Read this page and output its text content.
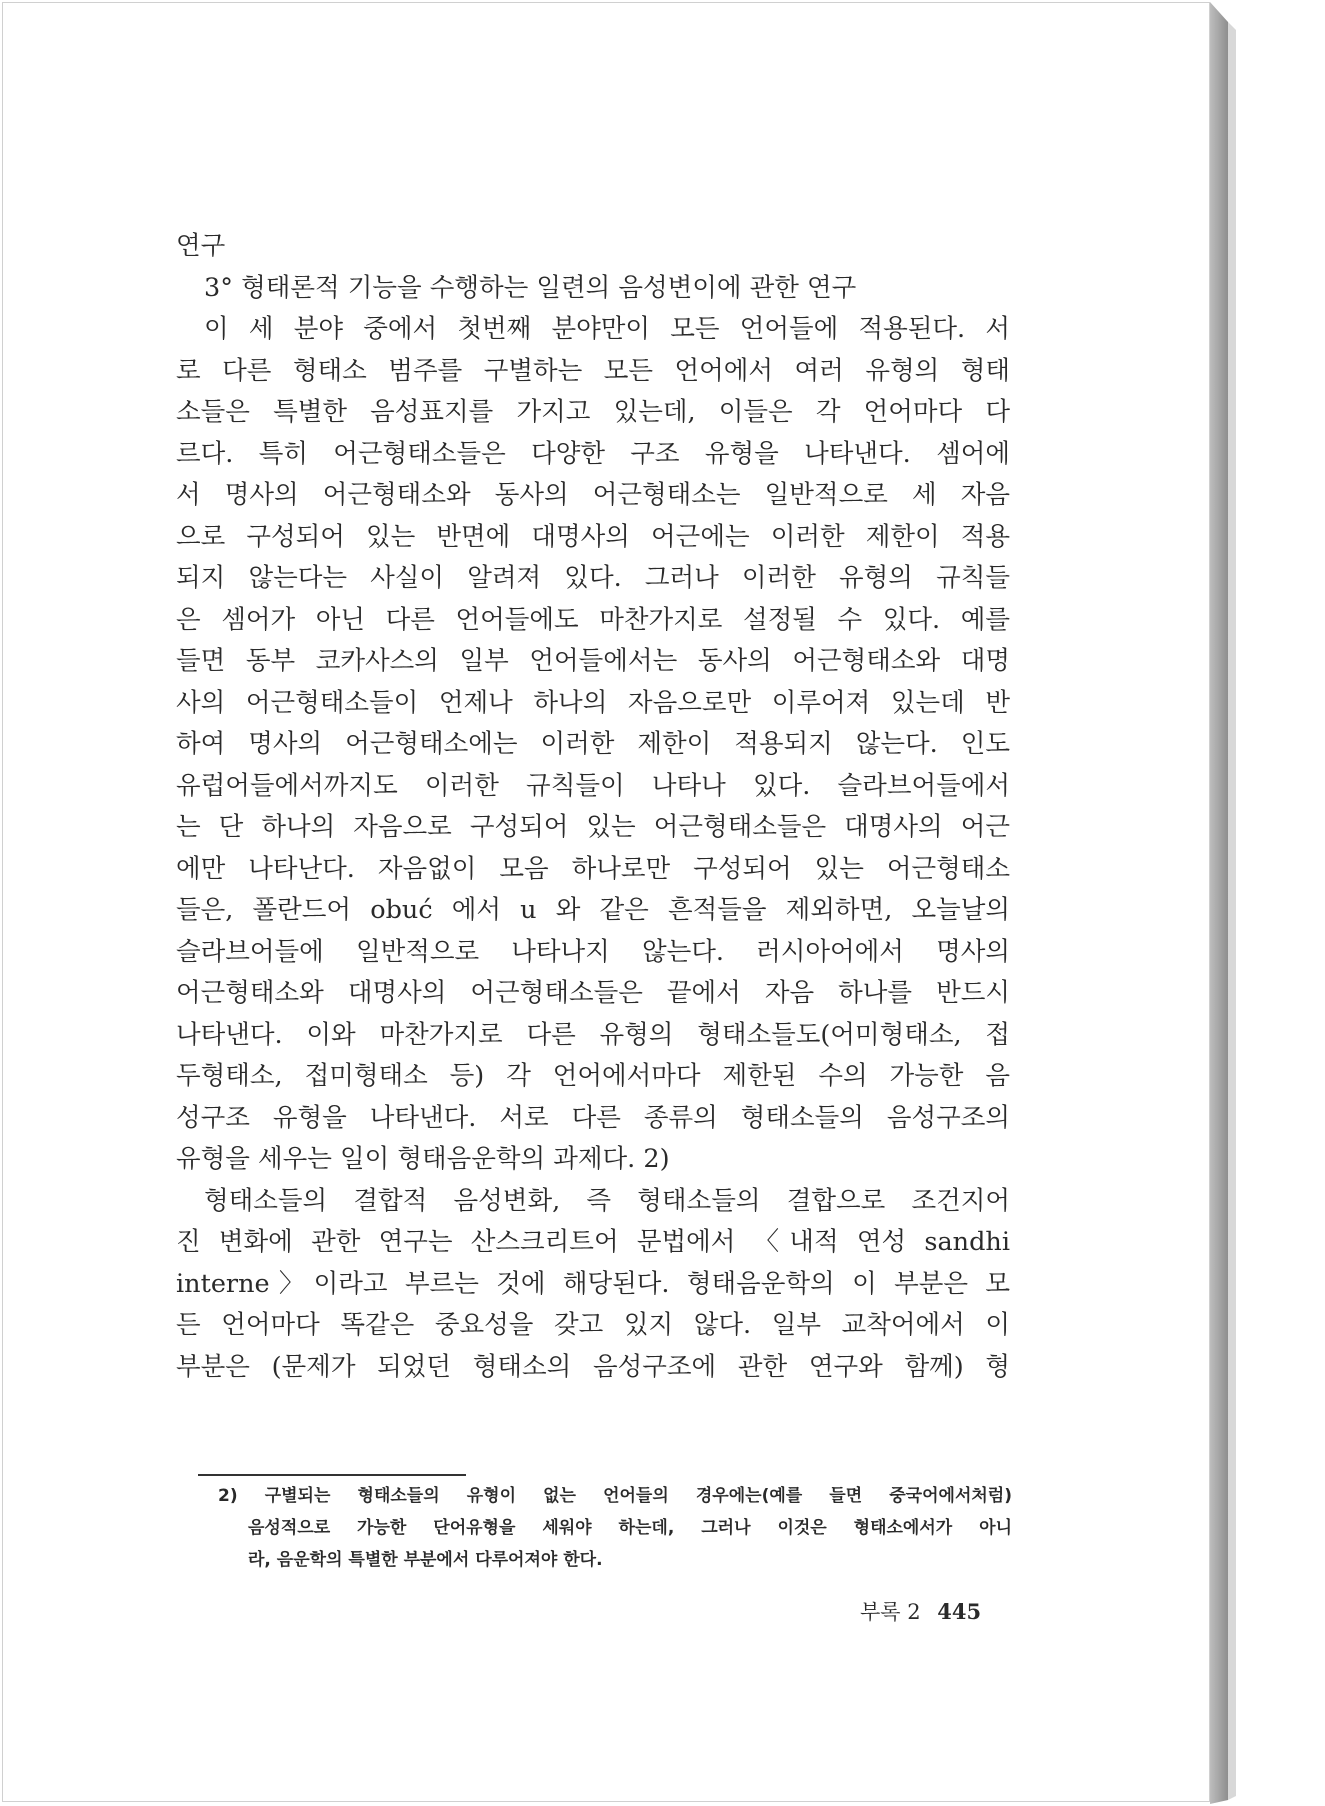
연구
3° 형태론적 기능을 수행하는 일련의 음성변이에 관한 연구
이 세 분야 중에서 첫번째 분야만이 모든 언어들에 적용된다. 서
로 다른 형태소 범주를 구별하는 모든 언어에서 여러 유형의 형태
소들은 특별한 음성표지를 가지고 있는데, 이들은 각 언어마다 다
르다. 특히 어근형태소들은 다양한 구조 유형을 나타낸다. 셈어에
서 명사의 어근형태소와 동사의 어근형태소는 일반적으로 세 자음
으로 구성되어 있는 반면에 대명사의 어근에는 이러한 제한이 적용
되지 않는다는 사실이 알려져 있다. 그러나 이러한 유형의 규칙들
은 셈어가 아닌 다른 언어들에도 마찬가지로 설정될 수 있다. 예를
들면 동부 코카사스의 일부 언어들에서는 동사의 어근형태소와 대명
사의 어근형태소들이 언제나 하나의 자음으로만 이루어져 있는데 반
하여 명사의 어근형태소에는 이러한 제한이 적용되지 않는다. 인도
유럽어들에서까지도 이러한 규칙들이 나타나 있다. 슬라브어들에서
는 단 하나의 자음으로 구성되어 있는 어근형태소들은 대명사의 어근
에만 나타난다. 자음없이 모음 하나로만 구성되어 있는 어근형태소
들은, 폴란드어 obuć 에서 u 와 같은 흔적들을 제외하면, 오늘날의
슬라브어들에 일반적으로 나타나지 않는다. 러시아어에서 명사의
어근형태소와 대명사의 어근형태소들은 끝에서 자음 하나를 반드시
나타낸다. 이와 마찬가지로 다른 유형의 형태소들도(어미형태소, 접
두형태소, 접미형태소 등) 각 언어에서마다 제한된 수의 가능한 음
성구조 유형을 나타낸다. 서로 다른 종류의 형태소들의 음성구조의
유형을 세우는 일이 형태음운학의 과제다. 2)
형태소들의 결합적 음성변화, 즉 형태소들의 결합으로 조건지어
진 변화에 관한 연구는 산스크리트어 문법에서 〈내적 연성 sandhi
interne〉이라고 부르는 것에 해당된다. 형태음운학의 이 부분은 모
든 언어마다 똑같은 중요성을 갖고 있지 않다. 일부 교착어에서 이
부분은 (문제가 되었던 형태소의 음성구조에 관한 연구와 함께) 형
2) 구별되는 형태소들의 유형이 없는 언어들의 경우에는(예를 들면 중국어에서처럼)
음성적으로 가능한 단어유형을 세워야 하는데, 그러나 이것은 형태소에서가 아니
라, 음운학의 특별한 부분에서 다루어져야 한다.
부록 2 445
